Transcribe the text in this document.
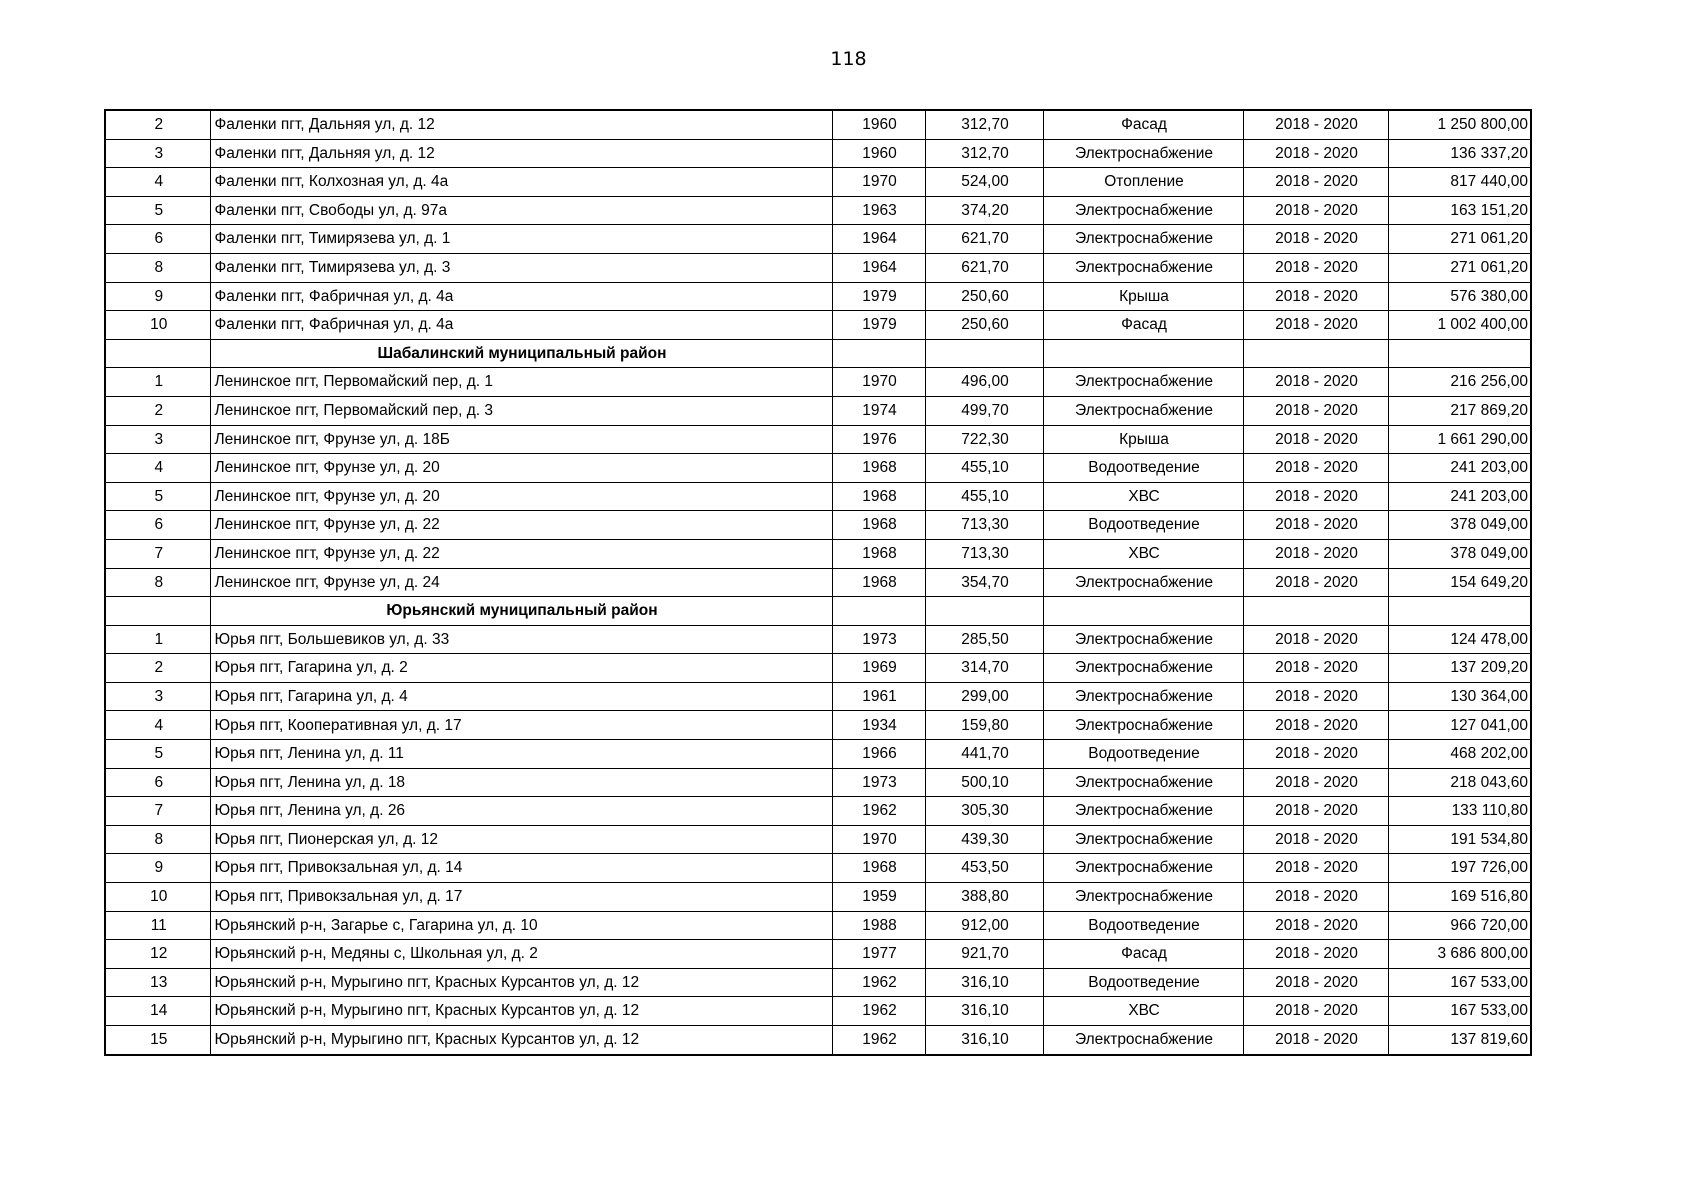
118
2	Фаленки пгт, Дальняя ул, д. 12	1960	312,70	Фасад	2018 - 2020	1 250 800,00
3	Фаленки пгт, Дальняя ул, д. 12	1960	312,70	Электроснабжение	2018 - 2020	136 337,20
4	Фаленки пгт, Колхозная ул, д. 4а	1970	524,00	Отопление	2018 - 2020	817 440,00
5	Фаленки пгт, Свободы ул, д. 97а	1963	374,20	Электроснабжение	2018 - 2020	163 151,20
6	Фаленки пгт, Тимирязева ул, д. 1	1964	621,70	Электроснабжение	2018 - 2020	271 061,20
8	Фаленки пгт, Тимирязева ул, д. 3	1964	621,70	Электроснабжение	2018 - 2020	271 061,20
9	Фаленки пгт, Фабричная ул, д. 4а	1979	250,60	Крыша	2018 - 2020	576 380,00
10	Фаленки пгт, Фабричная ул, д. 4а	1979	250,60	Фасад	2018 - 2020	1 002 400,00
	Шабалинский муниципальный район					
1	Ленинское пгт, Первомайский пер, д. 1	1970	496,00	Электроснабжение	2018 - 2020	216 256,00
2	Ленинское пгт, Первомайский пер, д. 3	1974	499,70	Электроснабжение	2018 - 2020	217 869,20
3	Ленинское пгт, Фрунзе ул, д. 18Б	1976	722,30	Крыша	2018 - 2020	1 661 290,00
4	Ленинское пгт, Фрунзе ул, д. 20	1968	455,10	Водоотведение	2018 - 2020	241 203,00
5	Ленинское пгт, Фрунзе ул, д. 20	1968	455,10	ХВС	2018 - 2020	241 203,00
6	Ленинское пгт, Фрунзе ул, д. 22	1968	713,30	Водоотведение	2018 - 2020	378 049,00
7	Ленинское пгт, Фрунзе ул, д. 22	1968	713,30	ХВС	2018 - 2020	378 049,00
8	Ленинское пгт, Фрунзе ул, д. 24	1968	354,70	Электроснабжение	2018 - 2020	154 649,20
	Юрьянский муниципальный район					
1	Юрья пгт, Большевиков ул, д. 33	1973	285,50	Электроснабжение	2018 - 2020	124 478,00
2	Юрья пгт, Гагарина ул, д. 2	1969	314,70	Электроснабжение	2018 - 2020	137 209,20
3	Юрья пгт, Гагарина ул, д. 4	1961	299,00	Электроснабжение	2018 - 2020	130 364,00
4	Юрья пгт, Кооперативная ул, д. 17	1934	159,80	Электроснабжение	2018 - 2020	127 041,00
5	Юрья пгт, Ленина ул, д. 11	1966	441,70	Водоотведение	2018 - 2020	468 202,00
6	Юрья пгт, Ленина ул, д. 18	1973	500,10	Электроснабжение	2018 - 2020	218 043,60
7	Юрья пгт, Ленина ул, д. 26	1962	305,30	Электроснабжение	2018 - 2020	133 110,80
8	Юрья пгт, Пионерская ул, д. 12	1970	439,30	Электроснабжение	2018 - 2020	191 534,80
9	Юрья пгт, Привокзальная ул, д. 14	1968	453,50	Электроснабжение	2018 - 2020	197 726,00
10	Юрья пгт, Привокзальная ул, д. 17	1959	388,80	Электроснабжение	2018 - 2020	169 516,80
11	Юрьянский р-н, Загарье с, Гагарина ул, д. 10	1988	912,00	Водоотведение	2018 - 2020	966 720,00
12	Юрьянский р-н, Медяны с, Школьная ул, д. 2	1977	921,70	Фасад	2018 - 2020	3 686 800,00
13	Юрьянский р-н, Мурыгино пгт, Красных Курсантов ул, д. 12	1962	316,10	Водоотведение	2018 - 2020	167 533,00
14	Юрьянский р-н, Мурыгино пгт, Красных Курсантов ул, д. 12	1962	316,10	ХВС	2018 - 2020	167 533,00
15	Юрьянский р-н, Мурыгино пгт, Красных Курсантов ул, д. 12	1962	316,10	Электроснабжение	2018 - 2020	137 819,60
